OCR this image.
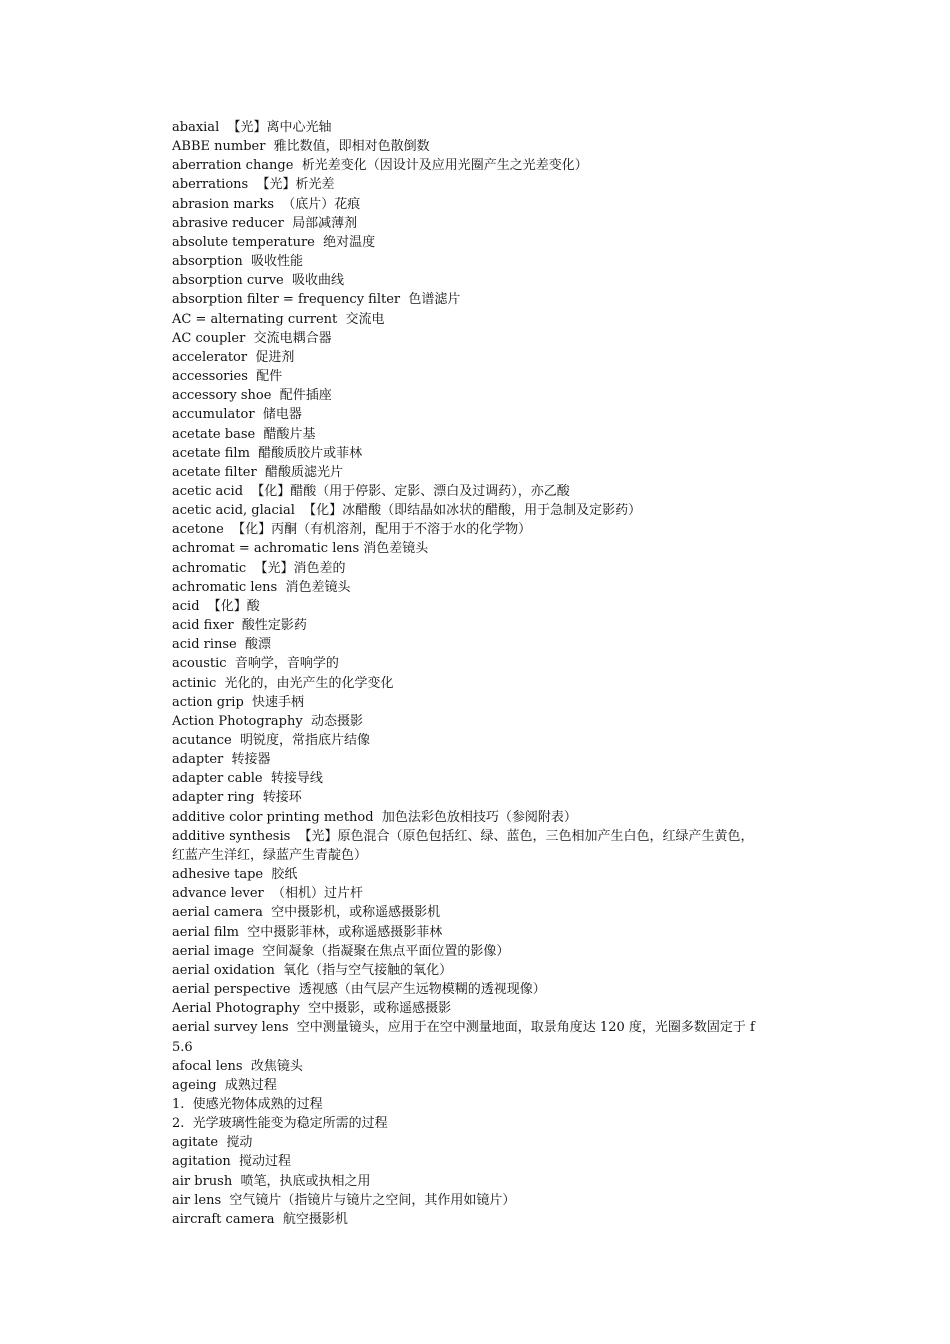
abaxial  【光】离中心光轴
ABBE number  雅比数值，即相对色散倒数
aberration change  析光差变化（因设计及应用光圈产生之光差变化）
aberrations  【光】析光差
abrasion marks  （底片）花痕
abrasive reducer  局部减薄剂
absolute temperature  绝对温度
absorption  吸收性能
absorption curve  吸收曲线
absorption filter = frequency filter  色谱滤片
AC = alternating current  交流电
AC coupler  交流电耦合器
accelerator  促进剂
accessories  配件
accessory shoe  配件插座
accumulator  储电器
acetate base  醋酸片基
acetate film  醋酸质胶片或菲林
acetate filter  醋酸质滤光片
acetic acid  【化】醋酸（用于停影、定影、漂白及过调药），亦乙酸
acetic acid, glacial  【化】冰醋酸（即结晶如冰状的醋酸，用于急制及定影药）
acetone  【化】丙酮（有机溶剂，配用于不溶于水的化学物）
achromat = achromatic lens 消色差镜头
achromatic  【光】消色差的
achromatic lens  消色差镜头
acid  【化】酸
acid fixer  酸性定影药
acid rinse  酸漂
acoustic  音响学，音响学的
actinic  光化的，由光产生的化学变化
action grip  快速手柄
Action Photography  动态摄影
acutance  明锐度，常指底片结像
adapter  转接器
adapter cable  转接导线
adapter ring  转接环
additive color printing method  加色法彩色放相技巧（参阅附表）
additive synthesis  【光】原色混合（原色包括红、绿、蓝色，三色相加产生白色，红绿产生黄色，红蓝产生洋红，绿蓝产生青靛色）
adhesive tape  胶纸
advance lever  （相机）过片杆
aerial camera  空中摄影机，或称遥感摄影机
aerial film  空中摄影菲林，或称遥感摄影菲林
aerial image  空间凝象（指凝聚在焦点平面位置的影像）
aerial oxidation  氧化（指与空气接触的氧化）
aerial perspective  透视感（由气层产生远物模糊的透视现像）
Aerial Photography  空中摄影，或称遥感摄影
aerial survey lens  空中测量镜头，应用于在空中测量地面，取景角度达 120 度，光圈多数固定于 f5.6
afocal lens  改焦镜头
ageing  成熟过程
1.  使感光物体成熟的过程
2.  光学玻璃性能变为稳定所需的过程
agitate  搅动
agitation  搅动过程
air brush  喷笔，执底或执相之用
air lens  空气镜片（指镜片与镜片之空间，其作用如镜片）
aircraft camera  航空摄影机
